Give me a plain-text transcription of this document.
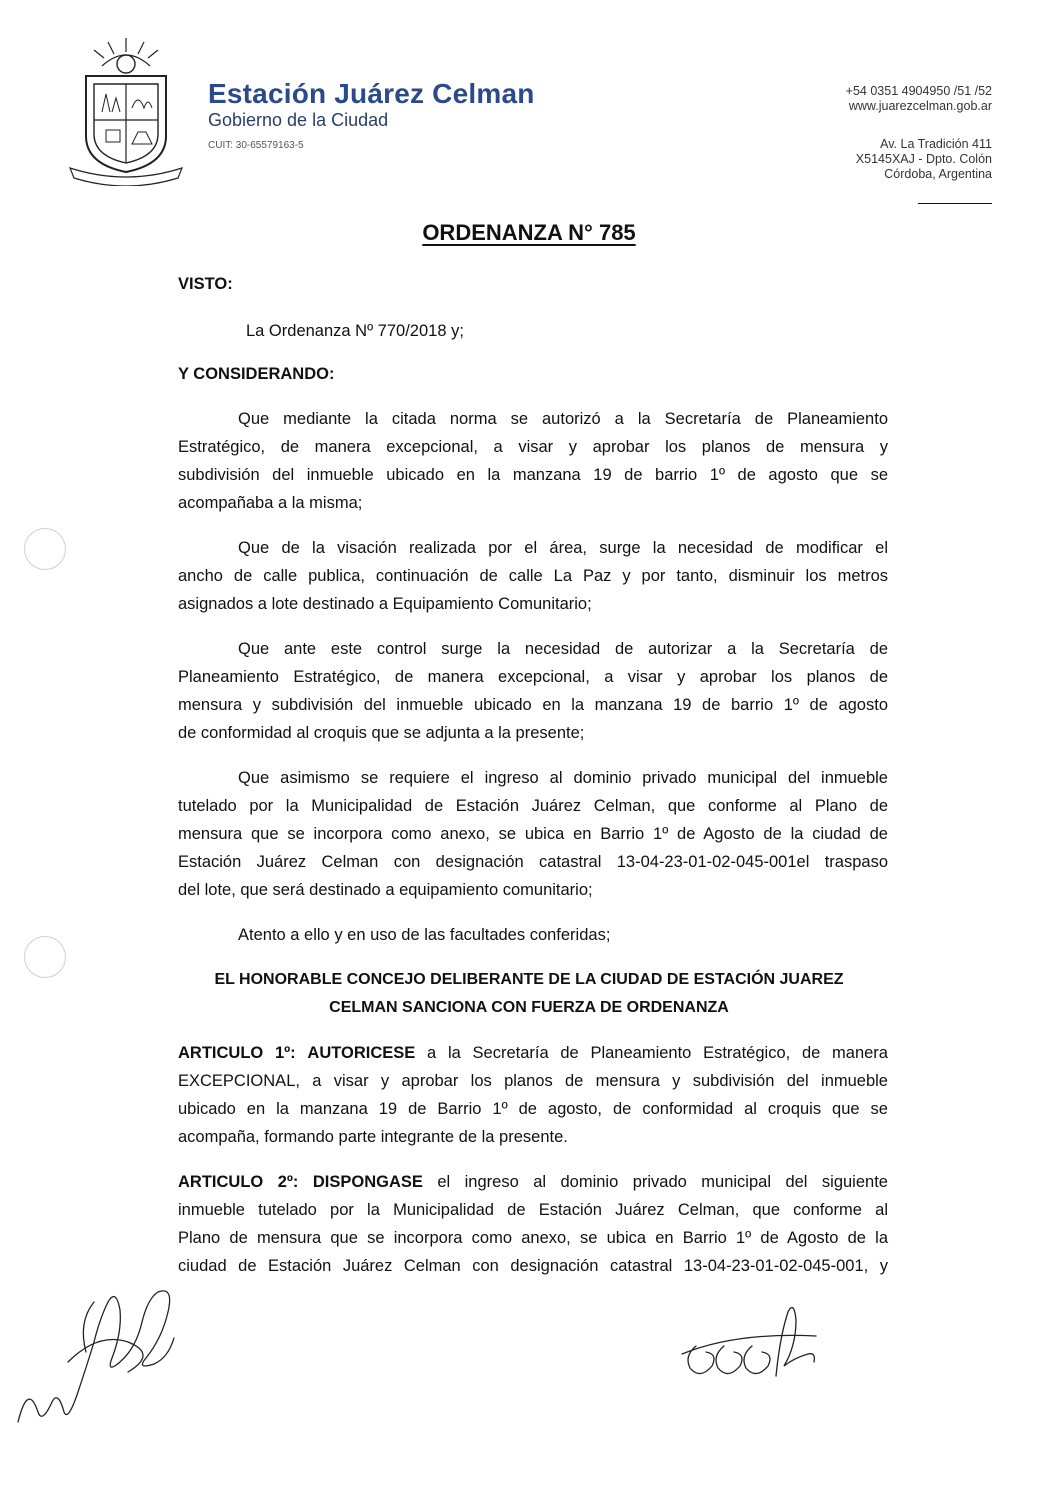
Estación Juárez Celman
Gobierno de la Ciudad
CUIT: 30-65579163-5
+54 0351 4904950 /51 /52
www.juarezcelman.gob.ar
Av. La Tradición 411
X5145XAJ - Dpto. Colón
Córdoba, Argentina
ORDENANZA N° 785
VISTO:
La Ordenanza Nº 770/2018 y;
Y CONSIDERANDO:
Que mediante la citada norma se autorizó a la Secretaría de Planeamiento
Estratégico, de manera excepcional, a visar y aprobar los planos de mensura y
subdivisión del inmueble ubicado en la manzana 19 de barrio 1º de agosto que se
acompañaba a la misma;
Que de la visación realizada por el área, surge la necesidad de modificar el
ancho de calle publica, continuación de calle La Paz y por tanto, disminuir los metros
asignados a lote destinado a Equipamiento Comunitario;
Que ante este control surge la necesidad de autorizar a la Secretaría de
Planeamiento Estratégico, de manera excepcional, a visar y aprobar los planos de
mensura y subdivisión del inmueble ubicado en la manzana 19 de barrio 1º de agosto
de conformidad al croquis que se adjunta a la presente;
Que asimismo se requiere el ingreso al dominio privado municipal del inmueble
tutelado por la Municipalidad de Estación Juárez Celman, que conforme al Plano de
mensura que se incorpora como anexo, se ubica en Barrio 1º de Agosto de la ciudad de
Estación Juárez Celman con designación catastral 13-04-23-01-02-045-001el traspaso
del lote, que será destinado a equipamiento comunitario;
Atento a ello y en uso de las facultades conferidas;
EL HONORABLE CONCEJO DELIBERANTE DE LA CIUDAD DE ESTACIÓN JUAREZ
CELMAN SANCIONA CON FUERZA DE ORDENANZA
ARTICULO 1º: AUTORICESE a la Secretaría de Planeamiento Estratégico, de manera
EXCEPCIONAL, a visar y aprobar los planos de mensura y subdivisión del inmueble
ubicado en la manzana 19 de Barrio 1º de agosto, de conformidad al croquis que se
acompaña, formando parte integrante de la presente.
ARTICULO 2º: DISPONGASE el ingreso al dominio privado municipal del siguiente
inmueble tutelado por la Municipalidad de Estación Juárez Celman, que conforme al
Plano de mensura que se incorpora como anexo, se ubica en Barrio 1º de Agosto de la
ciudad de Estación Juárez Celman con designación catastral 13-04-23-01-02-045-001, y
